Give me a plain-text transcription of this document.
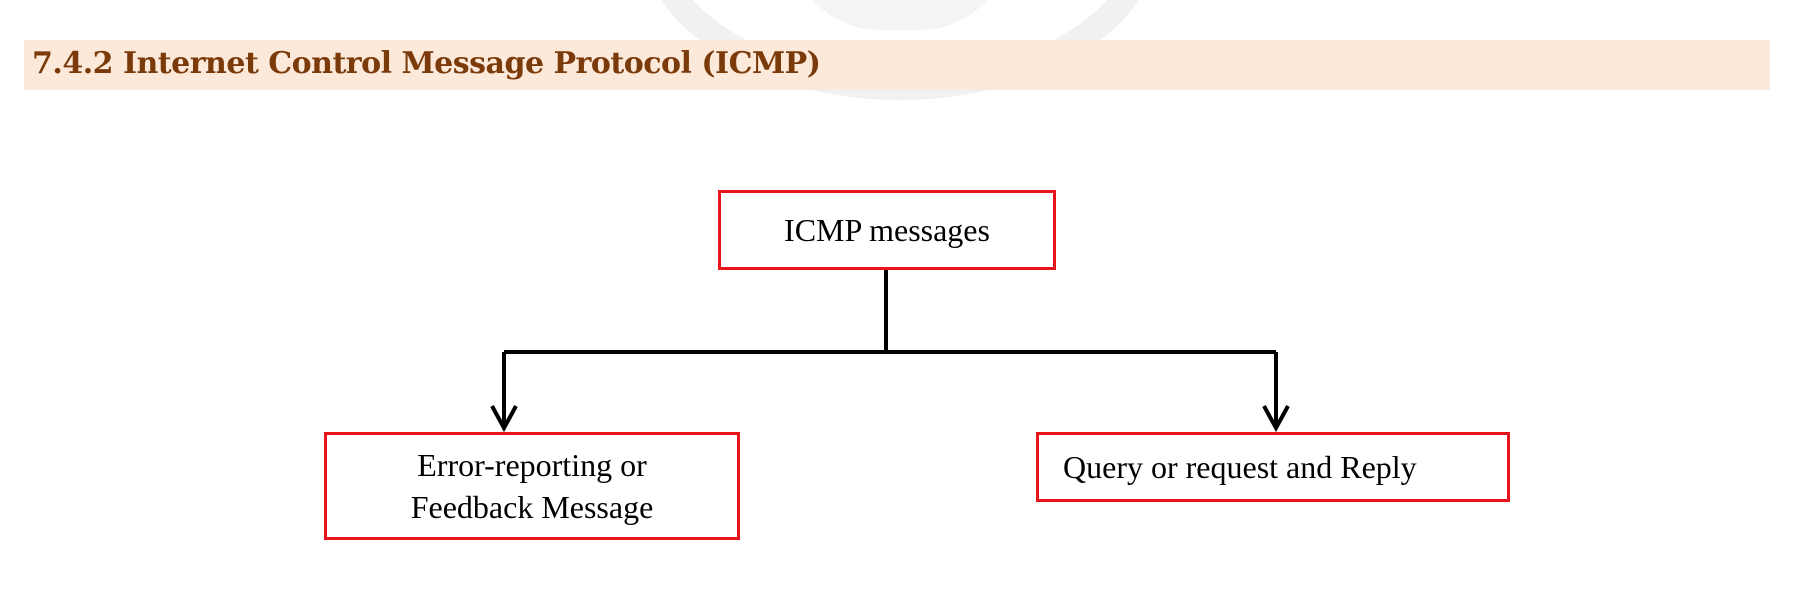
7.4.2 Internet Control Message Protocol (ICMP)
ICMP messages
Error-reporting or
Feedback Message
Query or request and Reply
